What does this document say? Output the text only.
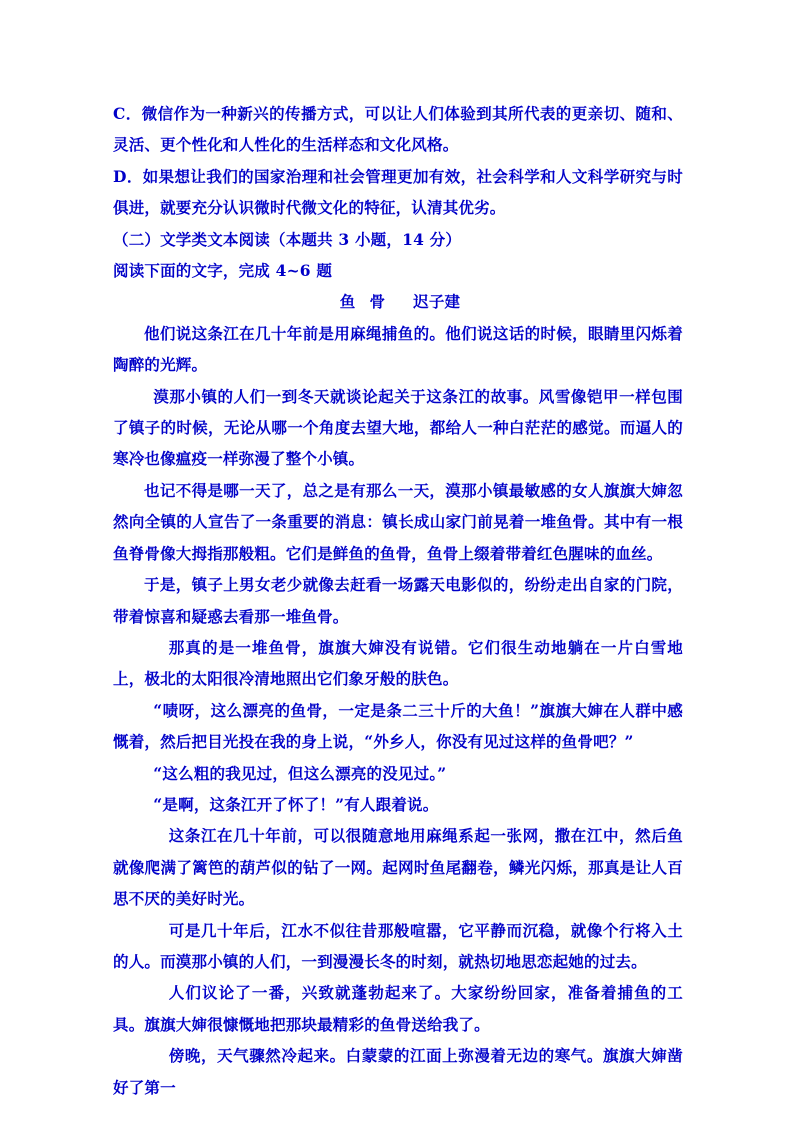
C．微信作为一种新兴的传播方式，可以让人们体验到其所代表的更亲切、随和、灵活、更个性化和人性化的生活样态和文化风格。

D．如果想让我们的国家治理和社会管理更加有效，社会科学和人文科学研究与时俱进，就要充分认识微时代微文化的特征，认清其优劣。

（二）文学类文本阅读（本题共 3 小题，14 分）

阅读下面的文字，完成 4~6 题

鱼 骨 迟子建

他们说这条江在几十年前是用麻绳捕鱼的。他们说这话的时候，眼睛里闪烁着陶醉的光辉。

漠那小镇的人们一到冬天就谈论起关于这条江的故事。风雪像铠甲一样包围了镇子的时候，无论从哪一个角度去望大地，都给人一种白茫茫的感觉。而逼人的寒冷也像瘟疫一样弥漫了整个小镇。

也记不得是哪一天了，总之是有那么一天，漠那小镇最敏感的女人旗旗大婶忽然向全镇的人宣告了一条重要的消息：镇长成山家门前晃着一堆鱼骨。其中有一根鱼脊骨像大拇指那般粗。它们是鲜鱼的鱼骨，鱼骨上缀着带着红色腥味的血丝。

于是，镇子上男女老少就像去赶看一场露天电影似的，纷纷走出自家的门院，带着惊喜和疑惑去看那一堆鱼骨。

那真的是一堆鱼骨，旗旗大婶没有说错。它们很生动地躺在一片白雪地上，极北的太阳很冷清地照出它们象牙般的肤色。

“啧呀，这么漂亮的鱼骨，一定是条二三十斤的大鱼！”旗旗大婶在人群中感慨着，然后把目光投在我的身上说，“外乡人，你没有见过这样的鱼骨吧？”

“这么粗的我见过，但这么漂亮的没见过。”

“是啊，这条江开了怀了！”有人跟着说。

这条江在几十年前，可以很随意地用麻绳系起一张网，撒在江中，然后鱼就像爬满了篱笆的葫芦似的钻了一网。起网时鱼尾翻卷，鳞光闪烁，那真是让人百思不厌的美好时光。

可是几十年后，江水不似往昔那般喧嚣，它平静而沉稳，就像个行将入土的人。而漠那小镇的人们，一到漫漫长冬的时刻，就热切地思恋起她的过去。

人们议论了一番，兴致就蓬勃起来了。大家纷纷回家，准备着捕鱼的工具。旗旗大婶很慷慨地把那块最精彩的鱼骨送给我了。

傍晚，天气骤然冷起来。白蒙蒙的江面上弥漫着无边的寒气。旗旗大婶凿好了第一
